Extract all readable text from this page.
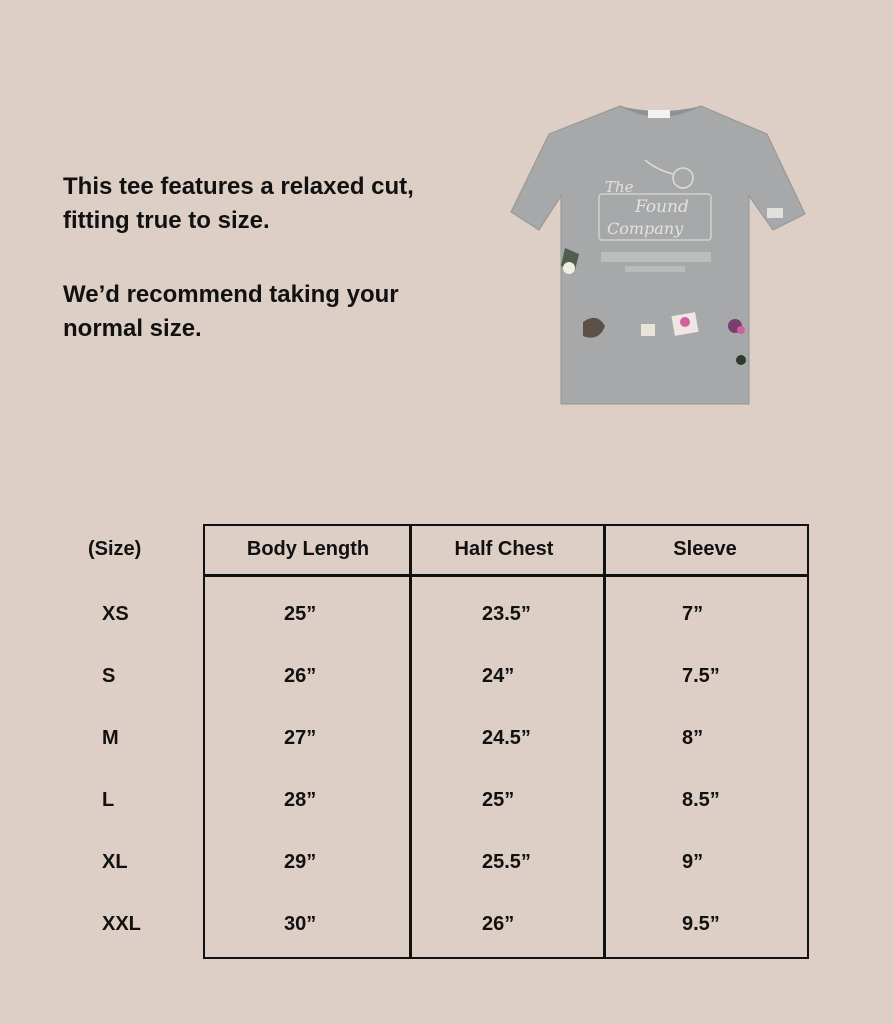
This tee features a relaxed cut, fitting true to size.

We’d recommend taking your normal size.

The
Found
Company
(Size)	Body Length	Half Chest	Sleeve
XS	25”	23.5”	7”
S	26”	24”	7.5”
M	27”	24.5”	8”
L	28”	25”	8.5”
XL	29”	25.5”	9”
XXL	30”	26”	9.5”
